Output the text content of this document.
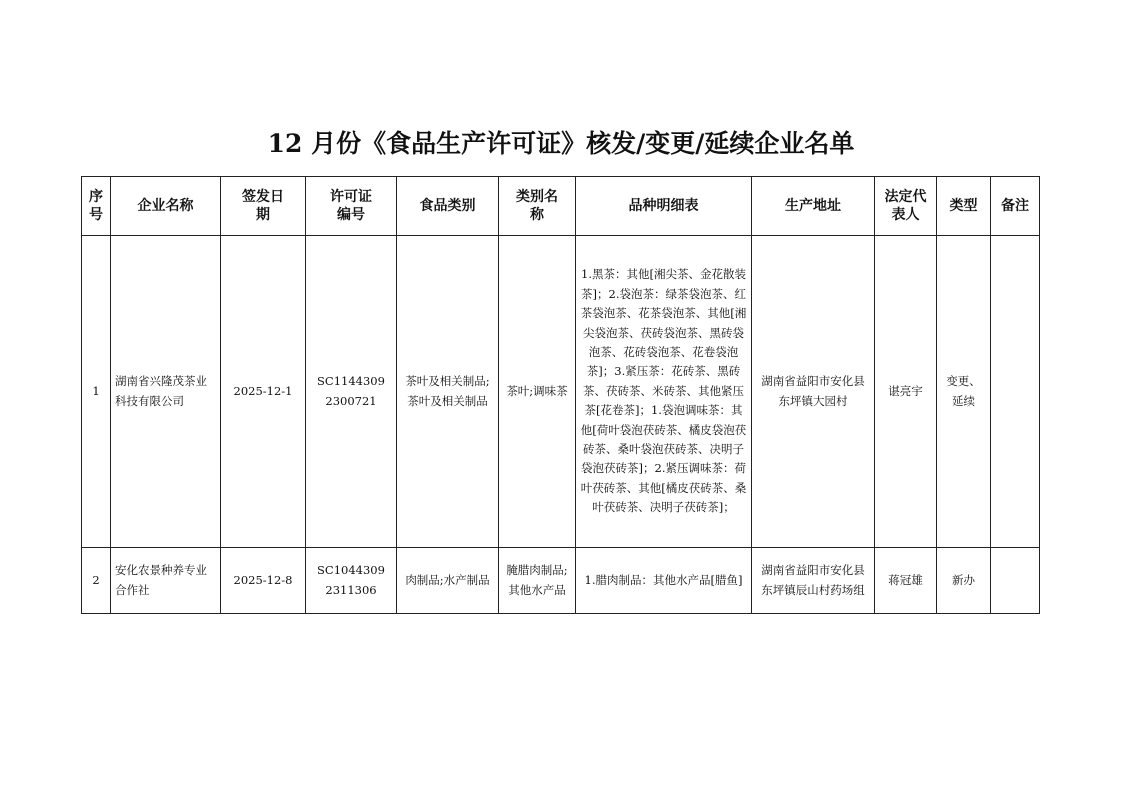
12 月份《食品生产许可证》核发/变更/延续企业名单
序号	企业名称	签发日期	许可证编号	食品类别	类别名称	品种明细表	生产地址	法定代表人	类型	备注
1	湖南省兴隆茂茶业科技有限公司	2025-12-1	SC11443092300721	茶叶及相关制品;茶叶及相关制品	茶叶;调味茶	1.黑茶：其他[湘尖茶、金花散装茶]；2.袋泡茶：绿茶袋泡茶、红茶袋泡茶、花茶袋泡茶、其他[湘尖袋泡茶、茯砖袋泡茶、黑砖袋泡茶、花砖袋泡茶、花卷袋泡茶]；3.紧压茶：花砖茶、黑砖茶、茯砖茶、米砖茶、其他紧压茶[花卷茶]；1.袋泡调味茶：其他[荷叶袋泡茯砖茶、橘皮袋泡茯砖茶、桑叶袋泡茯砖茶、决明子袋泡茯砖茶]；2.紧压调味茶：荷叶茯砖茶、其他[橘皮茯砖茶、桑叶茯砖茶、决明子茯砖茶]；	湖南省益阳市安化县东坪镇大园村	谌亮宇	变更、延续	
2	安化农景种养专业合作社	2025-12-8	SC10443092311306	肉制品;水产制品	腌腊肉制品;其他水产品	1.腊肉制品：其他水产品[腊鱼]	湖南省益阳市安化县东坪镇辰山村药场组	蒋冠雄	新办	
